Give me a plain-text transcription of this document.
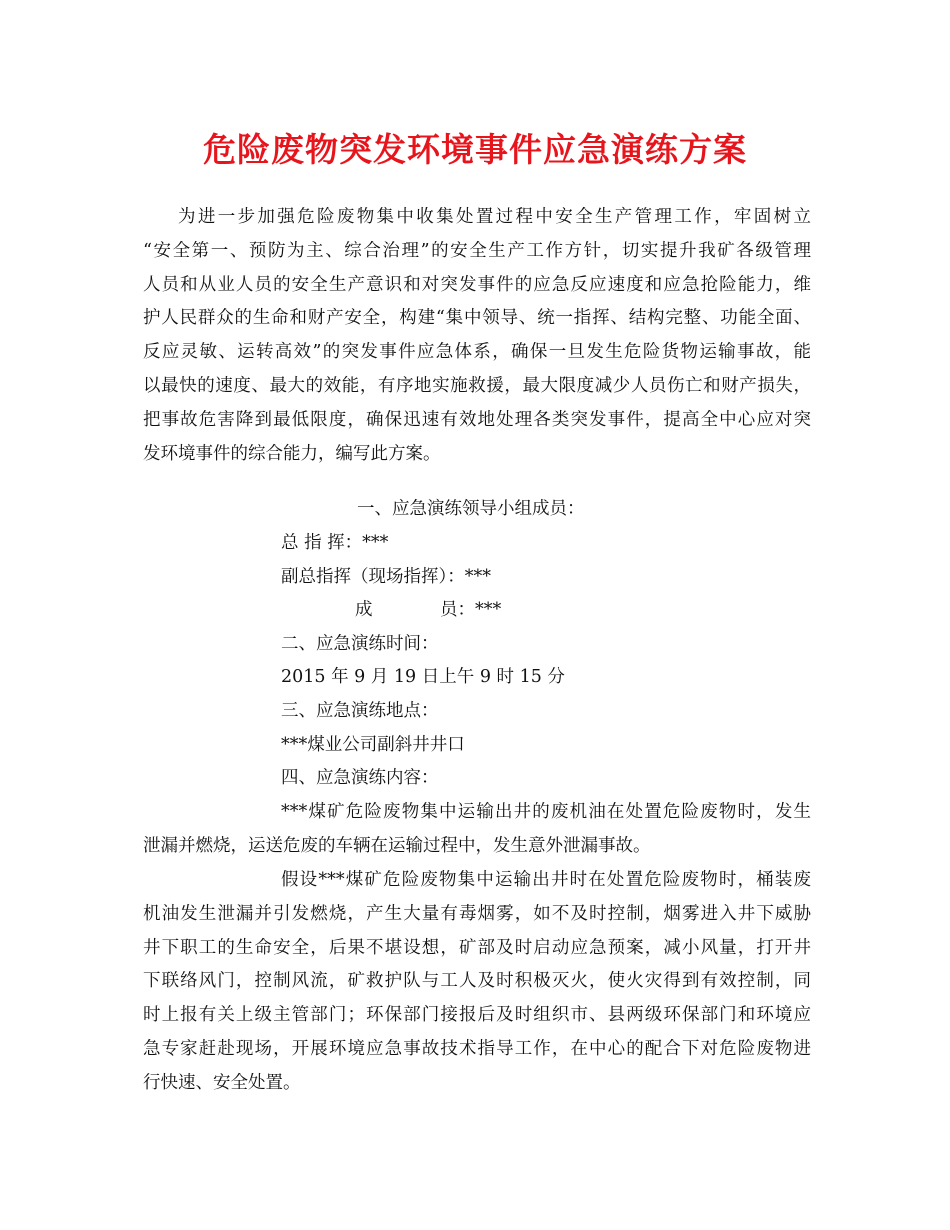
危险废物突发环境事件应急演练方案
为进一步加强危险废物集中收集处置过程中安全生产管理工作，牢固树立
“安全第一、预防为主、综合治理”的安全生产工作方针，切实提升我矿各级管理
人员和从业人员的安全生产意识和对突发事件的应急反应速度和应急抢险能力，维
护人民群众的生命和财产安全，构建“集中领导、统一指挥、结构完整、功能全面、
反应灵敏、运转高效”的突发事件应急体系，确保一旦发生危险货物运输事故，能
以最快的速度、最大的效能，有序地实施救援，最大限度减少人员伤亡和财产损失，
把事故危害降到最低限度，确保迅速有效地处理各类突发事件，提高全中心应对突
发环境事件的综合能力，编写此方案。
一、应急演练领导小组成员：
总 指 挥：***
副总指挥（现场指挥）：***
成	员：***
二、应急演练时间：
2015 年 9 月 19 日上午 9 时 15 分
三、应急演练地点：
***煤业公司副斜井井口
四、应急演练内容：
***煤矿危险废物集中运输出井的废机油在处置危险废物时，发生
泄漏并燃烧，运送危废的车辆在运输过程中，发生意外泄漏事故。
假设***煤矿危险废物集中运输出井时在处置危险废物时，桶装废
机油发生泄漏并引发燃烧，产生大量有毒烟雾，如不及时控制，烟雾进入井下威胁
井下职工的生命安全，后果不堪设想，矿部及时启动应急预案，减小风量，打开井
下联络风门，控制风流，矿救护队与工人及时积极灭火，使火灾得到有效控制，同
时上报有关上级主管部门；环保部门接报后及时组织市、县两级环保部门和环境应
急专家赶赴现场，开展环境应急事故技术指导工作，在中心的配合下对危险废物进
行快速、安全处置。
